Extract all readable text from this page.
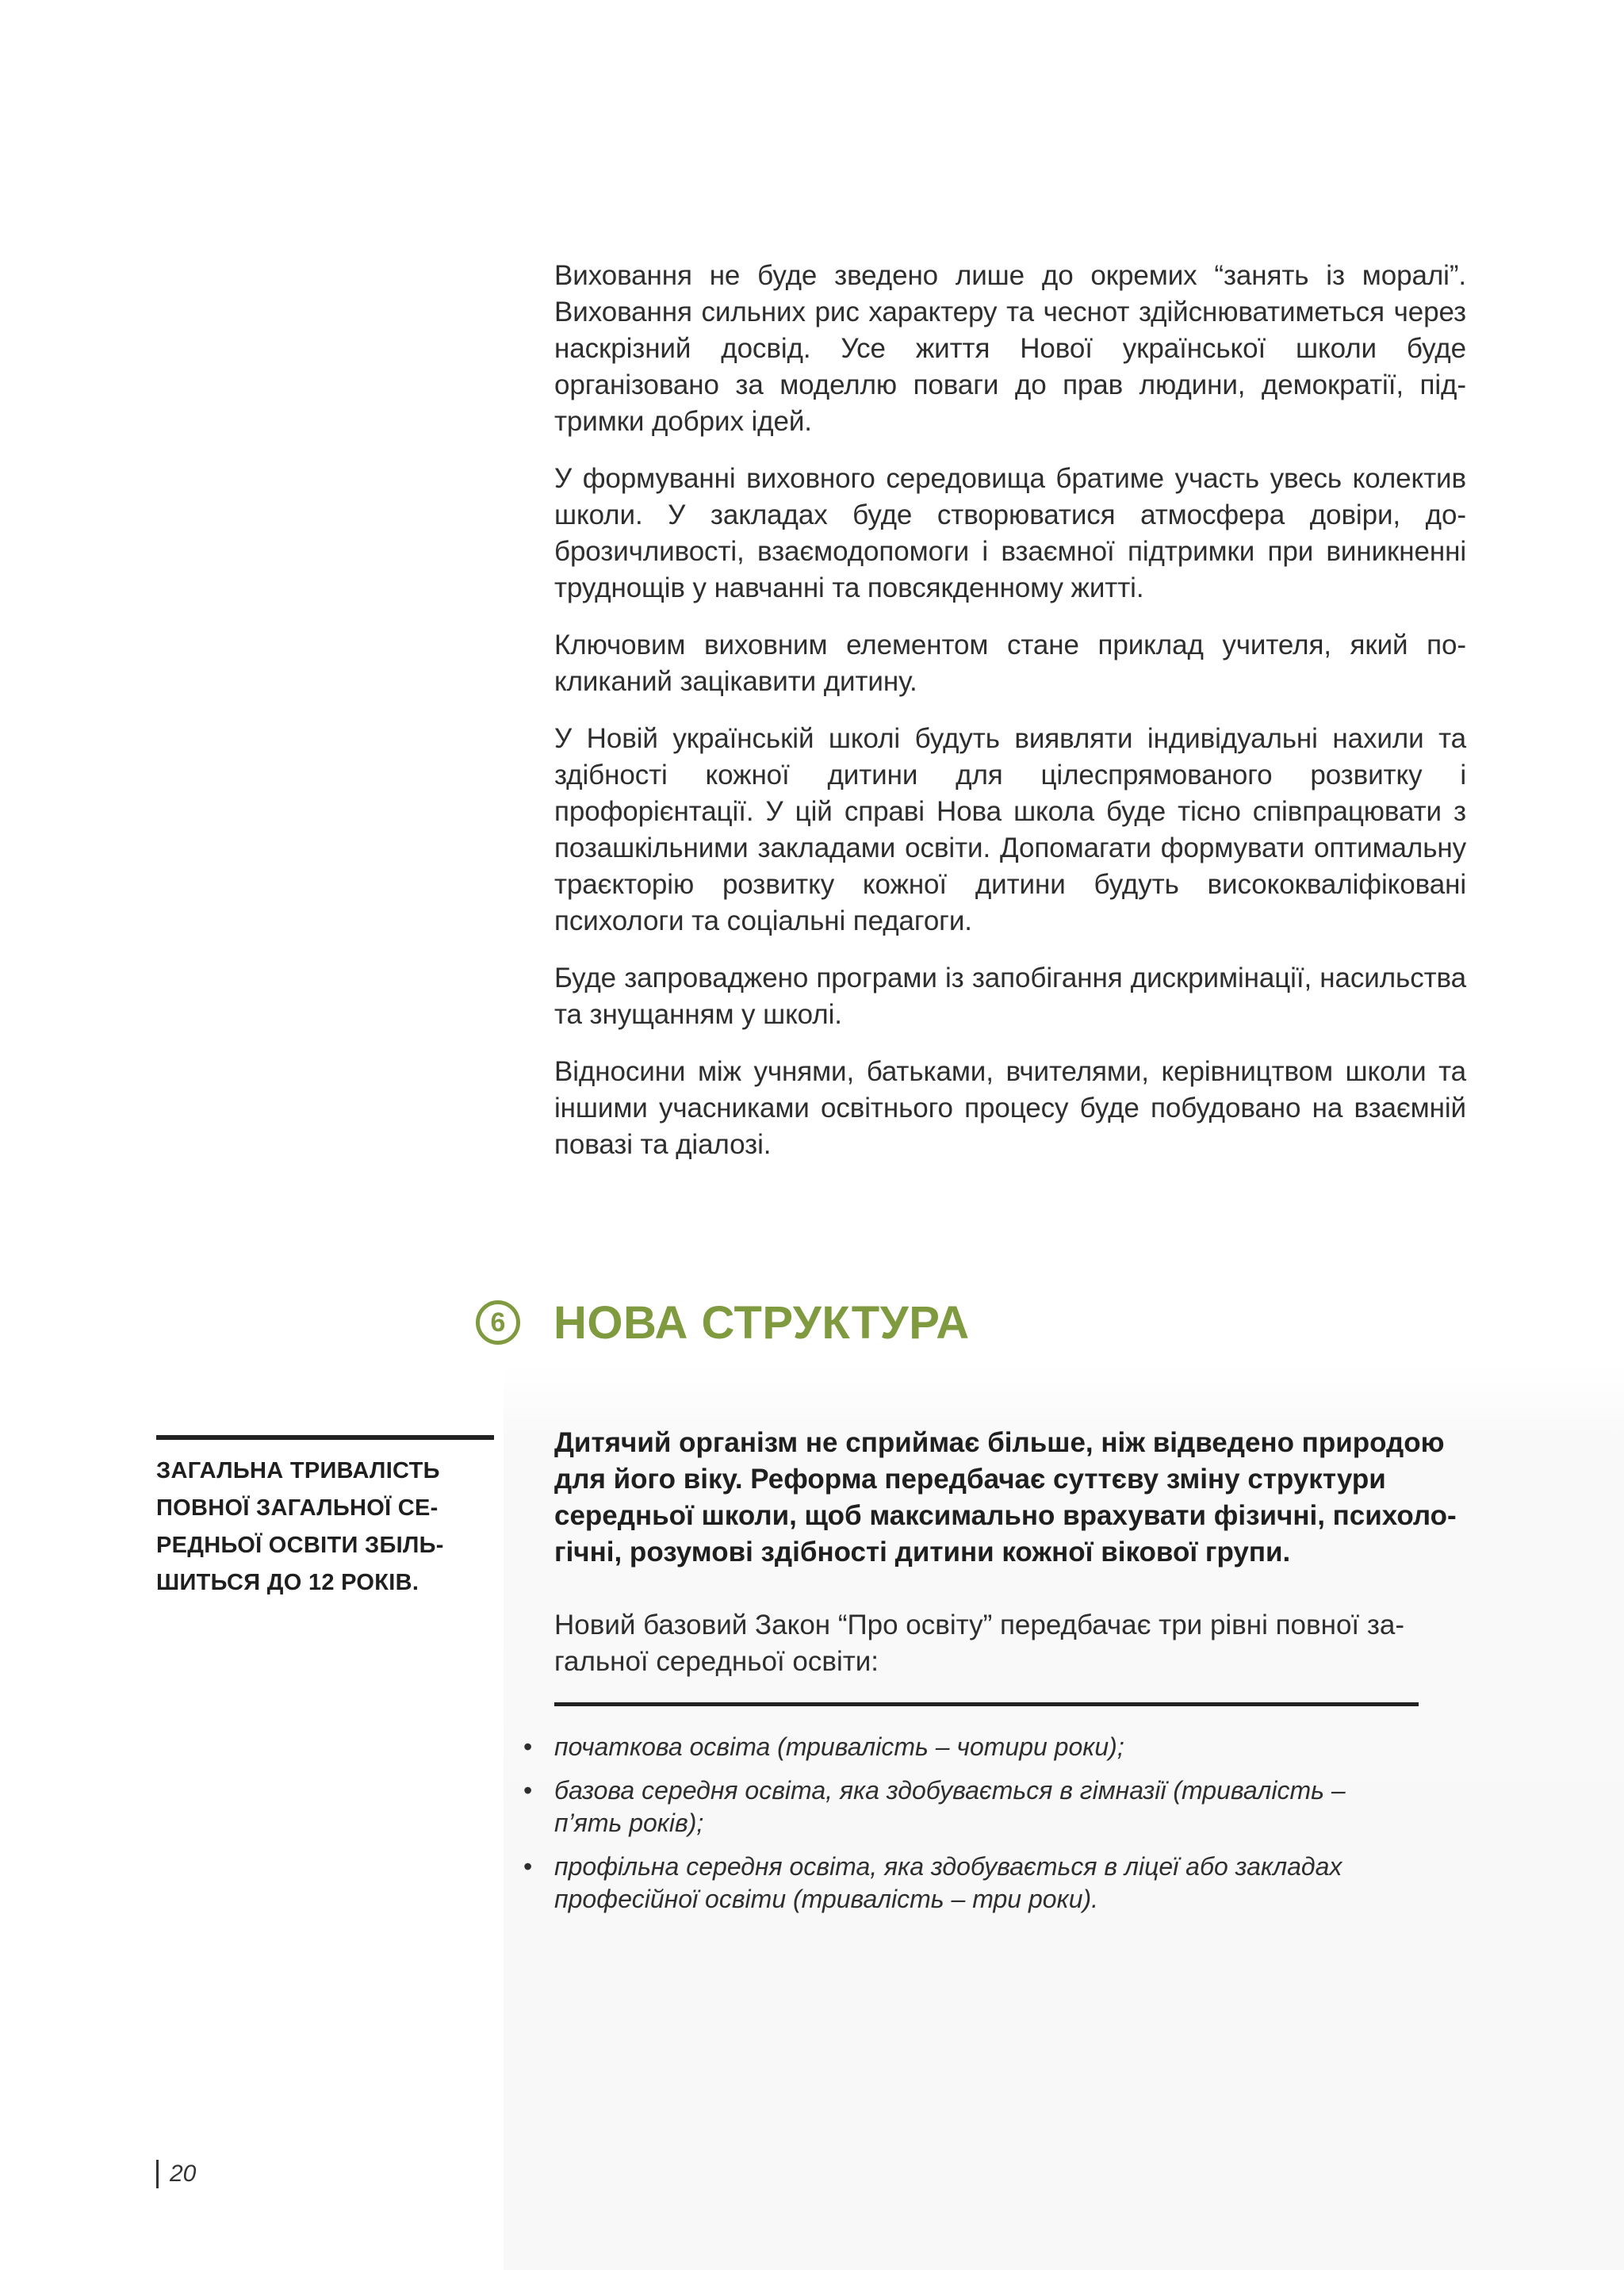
Виховання не буде зведено лише до окремих “занять із моралі”. Виховання сильних рис характеру та чеснот здійснюватиметься через наскрізний досвід. Усе життя Нової української школи буде організовано за моделлю поваги до прав людини, демократії, підтримки добрих ідей.

У формуванні виховного середовища братиме участь увесь колектив школи. У закладах буде створюватися атмосфера довіри, доброзичливості, взаємодопомоги і взаємної підтримки при виникненні труднощів у навчанні та повсякденному житті.

Ключовим виховним елементом стане приклад учителя, який покликаний зацікавити дитину.

У Новій українській школі будуть виявляти індивідуальні нахили та здібності кожної дитини для цілеспрямованого розвитку і профорієнтації. У цій справі Нова школа буде тісно співпрацювати з позашкільними закладами освіти. Допомагати формувати оптимальну траєкторію розвитку кожної дитини будуть висококваліфіковані психологи та соціальні педагоги.

Буде запроваджено програми із запобігання дискримінації, насильства та знущанням у школі.

Відносини між учнями, батьками, вчителями, керівництвом школи та іншими учасниками освітнього процесу буде побудовано на взаємній повазі та діалозі.

6	НОВА СТРУКТУРА
ЗАГАЛЬНА ТРИВАЛІСТЬ ПОВНОЇ ЗАГАЛЬНОЇ СЕРЕДНЬОЇ ОСВІТИ ЗБІЛЬШИТЬСЯ ДО 12 РОКІВ.
Дитячий організм не сприймає більше, ніж відведено природою для його віку. Реформа передбачає суттєву зміну структури середньої школи, щоб максимально врахувати фізичні, психологічні, розумові здібності дитини кожної вікової групи.
Новий базовий Закон “Про освіту” передбачає три рівні повної загальної середньої освіти:
• початкова освіта (тривалість – чотири роки);
• базова середня освіта, яка здобувається в гімназії (тривалість – п’ять років);
• профільна середня освіта, яка здобувається в ліцеї або закладах професійної освіти (тривалість – три роки).
20
